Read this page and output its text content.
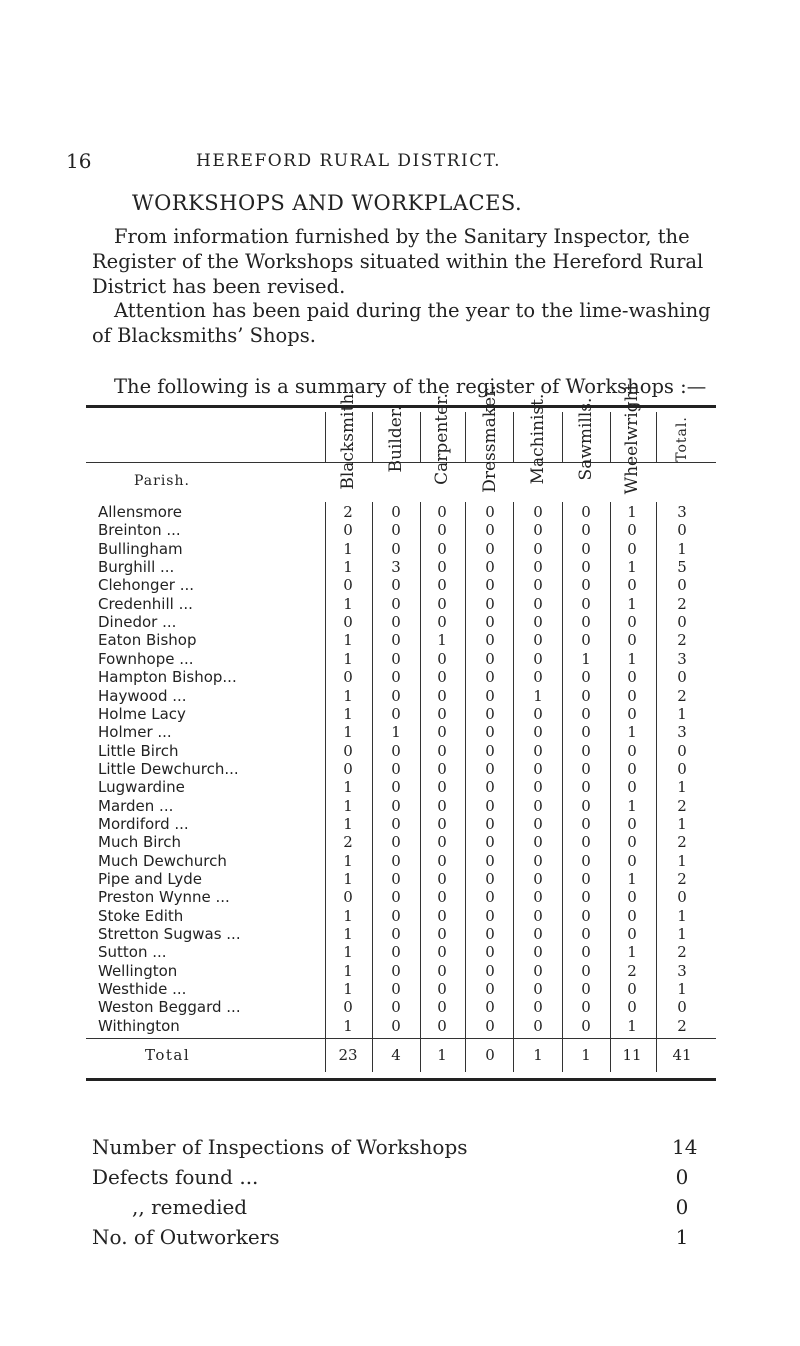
16	HEREFORD RURAL DISTRICT.
WORKSHOPS AND WORKPLACES.
From information furnished by the Sanitary Inspector, the Register of the Workshops situated within the Hereford Rural District has been revised.
Attention has been paid during the year to the lime-washing of Blacksmiths’ Shops.
The following is a summary of the register of Workshops :—
Parish.	Blacksmith. Builder. Carpenter. Dressmaker. Machinist. Sawmills. Wheelwright Total.
Allensmore	2	0	0	0	0	0	1	3
Breinton ...	0	0	0	0	0	0	0	0
Bullingham	1	0	0	0	0	0	0	1
Burghill ...	1	3	0	0	0	0	1	5
Clehonger ...	0	0	0	0	0	0	0	0
Credenhill ...	1	0	0	0	0	0	1	2
Dinedor ...	0	0	0	0	0	0	0	0
Eaton Bishop	1	0	1	0	0	0	0	2
Fownhope ...	1	0	0	0	0	1	1	3
Hampton Bishop...	0	0	0	0	0	0	0	0
Haywood ...	1	0	0	0	1	0	0	2
Holme Lacy	1	0	0	0	0	0	0	1
Holmer ...	1	1	0	0	0	0	1	3
Little Birch	0	0	0	0	0	0	0	0
Little Dewchurch...	0	0	0	0	0	0	0	0
Lugwardine	1	0	0	0	0	0	0	1
Marden ...	1	0	0	0	0	0	1	2
Mordiford ...	1	0	0	0	0	0	0	1
Much Birch	2	0	0	0	0	0	0	2
Much Dewchurch	1	0	0	0	0	0	0	1
Pipe and Lyde	1	0	0	0	0	0	1	2
Preston Wynne ...	0	0	0	0	0	0	0	0
Stoke Edith	1	0	0	0	0	0	0	1
Stretton Sugwas ...	1	0	0	0	0	0	0	1
Sutton ...	1	0	0	0	0	0	1	2
Wellington	1	0	0	0	0	0	2	3
Westhide ...	1	0	0	0	0	0	0	1
Weston Beggard ...	0	0	0	0	0	0	0	0
Withington	1	0	0	0	0	0	1	2
Total	23	4	1	0	1	1	11	41
Number of Inspections of Workshops	14
Defects found ...	0
,, remedied	0
No. of Outworkers	1
